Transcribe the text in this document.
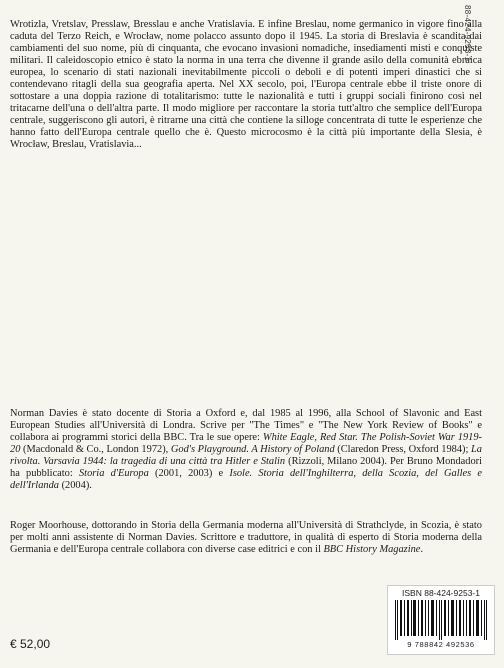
88-424-9253-1

Wrotizla, Vretslav, Presslaw, Bresslau e anche Vratislavia. E infine Breslau, nome germanico in vigore fino alla caduta del Terzo Reich, e Wrocław, nome polacco assunto dopo il 1945. La storia di Breslavia è scandita dai cambiamenti del suo nome, più di cinquanta, che evocano invasioni nomadiche, insediamenti misti e conquiste militari. Il caleidoscopio etnico è stato la norma in una terra che divenne il grande asilo della comunità ebraica europea, lo scenario di stati nazionali inevitabilmente piccoli o deboli e di potenti imperi dinastici che si contendevano ritagli della sua geografia aperta. Nel XX secolo, poi, l'Europa centrale ebbe il triste onore di sottostare a una doppia razione di totalitarismo: tutte le nazionalità e tutti i gruppi sociali finirono così nel tritacarne dell'una o dell'altra parte. Il modo migliore per raccontare la storia tutt'altro che semplice dell'Europa centrale, suggeriscono gli autori, è ritrarne una città che contiene la silloge concentrata di tutte le esperienze che hanno fatto dell'Europa centrale quello che è. Questo microcosmo è la città più importante della Slesia, è Wrocław, Breslau, Vratislavia...

Norman Davies è stato docente di Storia a Oxford e, dal 1985 al 1996, alla School of Slavonic and East European Studies all'Università di Londra. Scrive per "The Times" e "The New York Review of Books" e collabora ai programmi storici della BBC. Tra le sue opere: White Eagle, Red Star. The Polish-Soviet War 1919-20 (Macdonald & Co., London 1972), God's Playground. A History of Poland (Claredon Press, Oxford 1984); La rivolta. Varsavia 1944: la tragedia di una città tra Hitler e Stalin (Rizzoli, Milano 2004). Per Bruno Mondadori ha pubblicato: Storia d'Europa (2001, 2003) e Isole. Storia dell'Inghilterra, della Scozia, del Galles e dell'Irlanda (2004).

Roger Moorhouse, dottorando in Storia della Germania moderna all'Università di Strathclyde, in Scozia, è stato per molti anni assistente di Norman Davies. Scrittore e traduttore, in qualità di esperto di Storia moderna della Germania e dell'Europa centrale collabora con diverse case editrici e con il BBC History Magazine.

€ 52,00
ISBN 88-424-9253-1
9 788842 492536
